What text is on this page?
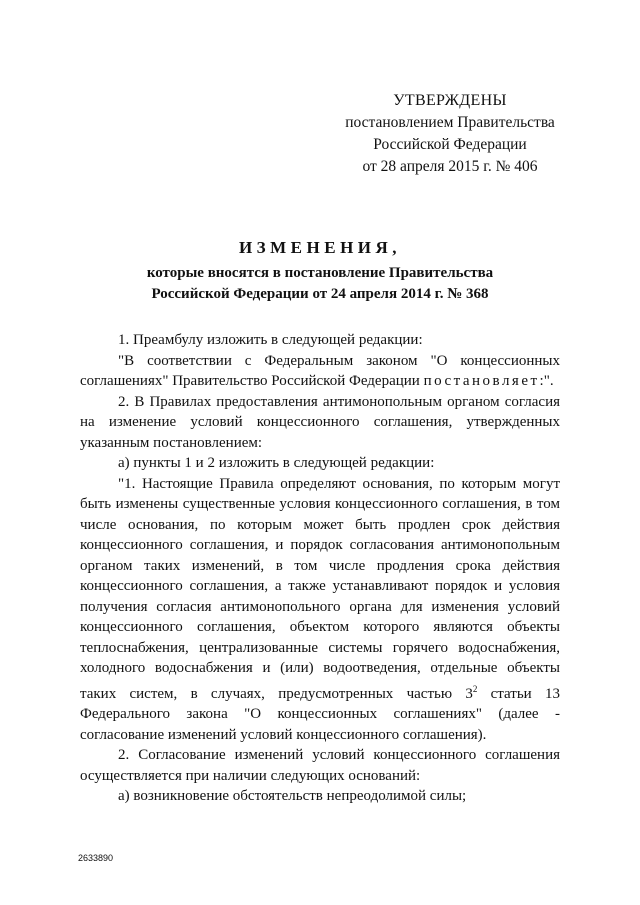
УТВЕРЖДЕНЫ
постановлением Правительства
Российской Федерации
от 28 апреля 2015 г. № 406
ИЗМЕНЕНИЯ,
которые вносятся в постановление Правительства
Российской Федерации от 24 апреля 2014 г. № 368

1. Преамбулу изложить в следующей редакции:

"В соответствии с Федеральным законом "О концессионных соглашениях" Правительство Российской Федерации постановляет:".

2. В Правилах предоставления антимонопольным органом согласия на изменение условий концессионного соглашения, утвержденных указанным постановлением:

а) пункты 1 и 2 изложить в следующей редакции:

"1. Настоящие Правила определяют основания, по которым могут быть изменены существенные условия концессионного соглашения, в том числе основания, по которым может быть продлен срок действия концессионного соглашения, и порядок согласования антимонопольным органом таких изменений, в том числе продления срока действия концессионного соглашения, а также устанавливают порядок и условия получения согласия антимонопольного органа для изменения условий концессионного соглашения, объектом которого являются объекты теплоснабжения, централизованные системы горячего водоснабжения, холодного водоснабжения и (или) водоотведения, отдельные объекты таких систем, в случаях, предусмотренных частью $3^2$ статьи 13 Федерального закона "О концессионных соглашениях" (далее - согласование изменений условий концессионного соглашения).

2. Согласование изменений условий концессионного соглашения осуществляется при наличии следующих оснований:

а) возникновение обстоятельств непреодолимой силы;

2633890
